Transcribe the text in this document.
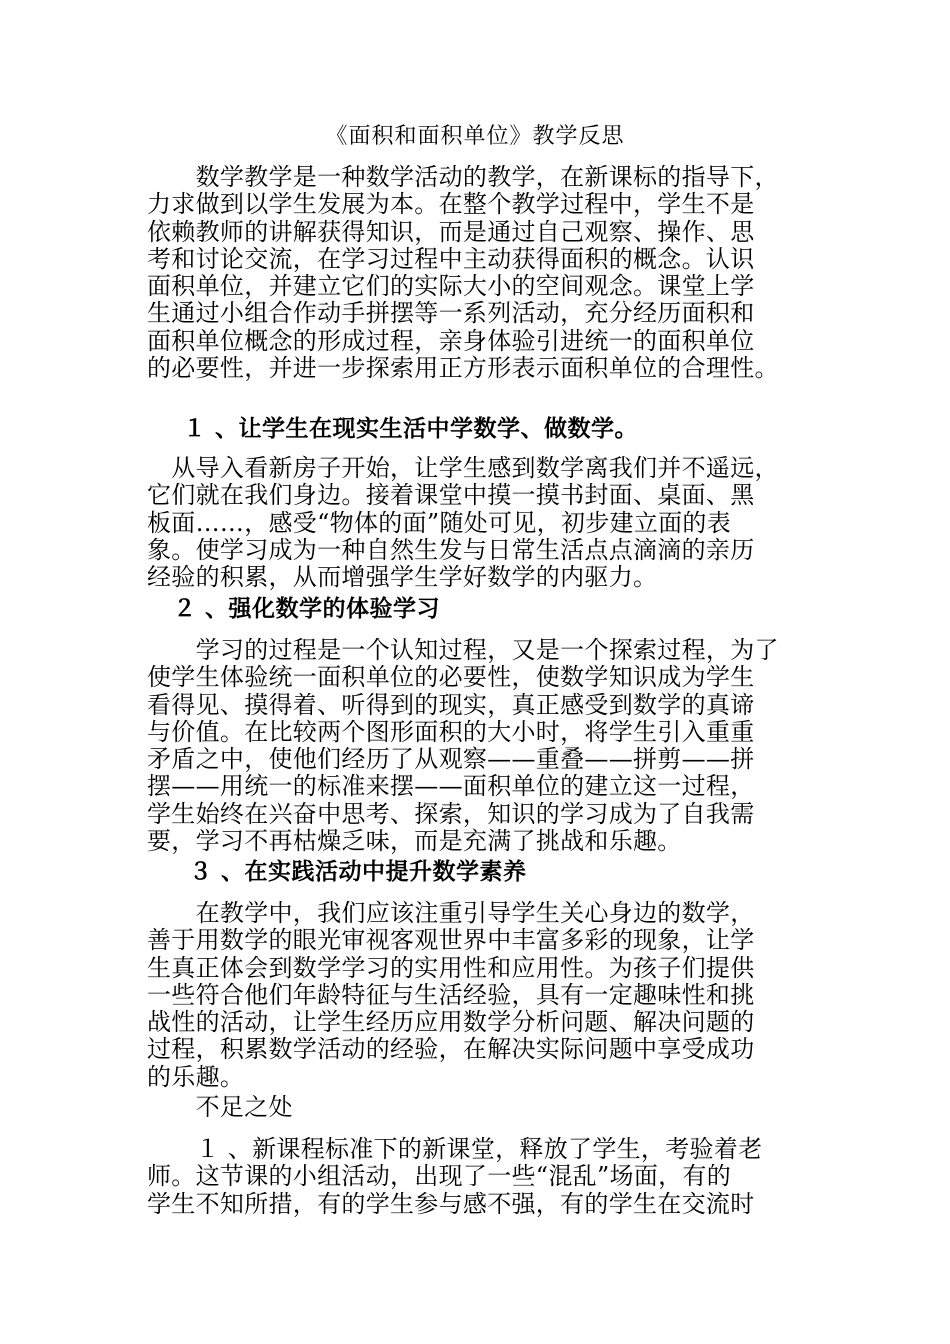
《面积和面积单位》教学反思
　　数学教学是一种数学活动的教学，在新课标的指导下，
力求做到以学生发展为本。在整个教学过程中，学生不是
依赖教师的讲解获得知识，而是通过自己观察、操作、思
考和讨论交流，在学习过程中主动获得面积的概念。认识
面积单位，并建立它们的实际大小的空间观念。课堂上学
生通过小组合作动手拼摆等一系列活动，充分经历面积和
面积单位概念的形成过程，亲身体验引进统一的面积单位
的必要性，并进一步探索用正方形表示面积单位的合理性。
１ 、让学生在现实生活中学数学、做数学。
　从导入看新房子开始，让学生感到数学离我们并不遥远，
它们就在我们身边。接着课堂中摸一摸书封面、桌面、黑
板面……，感受“物体的面”随处可见，初步建立面的表
象。使学习成为一种自然生发与日常生活点点滴滴的亲历
经验的积累，从而增强学生学好数学的内驱力。
２ 、强化数学的体验学习
　　学习的过程是一个认知过程，又是一个探索过程，为了
使学生体验统一面积单位的必要性，使数学知识成为学生
看得见、摸得着、听得到的现实，真正感受到数学的真谛
与价值。在比较两个图形面积的大小时，将学生引入重重
矛盾之中，使他们经历了从观察——重叠——拼剪——拼
摆——用统一的标准来摆——面积单位的建立这一过程，
学生始终在兴奋中思考、探索，知识的学习成为了自我需
要，学习不再枯燥乏味，而是充满了挑战和乐趣。
３ 、在实践活动中提升数学素养
　　在教学中，我们应该注重引导学生关心身边的数学，
善于用数学的眼光审视客观世界中丰富多彩的现象，让学
生真正体会到数学学习的实用性和应用性。为孩子们提供
一些符合他们年龄特征与生活经验，具有一定趣味性和挑
战性的活动，让学生经历应用数学分析问题、解决问题的
过程，积累数学活动的经验，在解决实际问题中享受成功
的乐趣。
　　不足之处
　　１ 、新课程标准下的新课堂，释放了学生，考验着老
师。这节课的小组活动，出现了一些“混乱”场面，有的
学生不知所措，有的学生参与感不强，有的学生在交流时
